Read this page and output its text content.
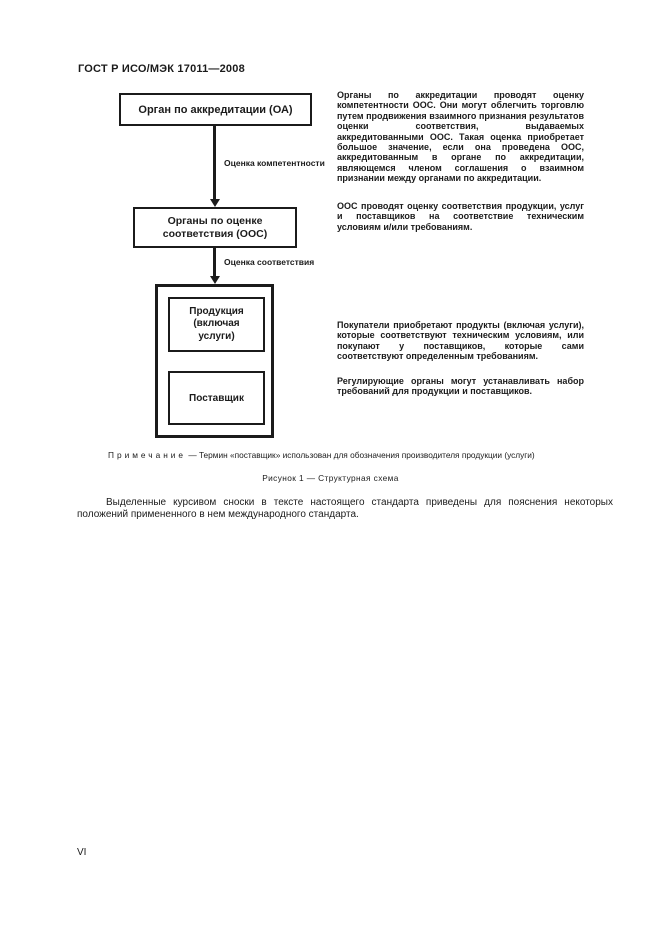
ГОСТ Р ИСО/МЭК 17011—2008
Орган по аккредитации (ОА)
Оценка компетентности
Органы по оценке соответствия (ООС)
Оценка соответствия
Продукция (включая услуги)
Поставщик
Органы по аккредитации проводят оценку компетентности ООС. Они могут облегчить торговлю путем продвижения взаимного признания результатов оценки соответствия, выдаваемых аккредитованными ООС. Такая оценка приобретает большое значение, если она проведена ООС, аккредитованным в органе по аккредитации, являющемся членом соглашения о взаимном признании между органами по аккредитации.
ООС проводят оценку соответствия продукции, услуг и поставщиков на соответствие техническим условиям и/или требованиям.
Покупатели приобретают продукты (включая услуги), которые соответствуют техническим условиям, или покупают у поставщиков, которые сами соответствуют определенным требованиям.
Регулирующие органы могут устанавливать набор требований для продукции и поставщиков.
Примечание — Термин «поставщик» использован для обозначения производителя продукции (услуги)
Рисунок 1 — Структурная схема
Выделенные курсивом сноски в тексте настоящего стандарта приведены для пояснения некоторых положений примененного в нем международного стандарта.
VI
